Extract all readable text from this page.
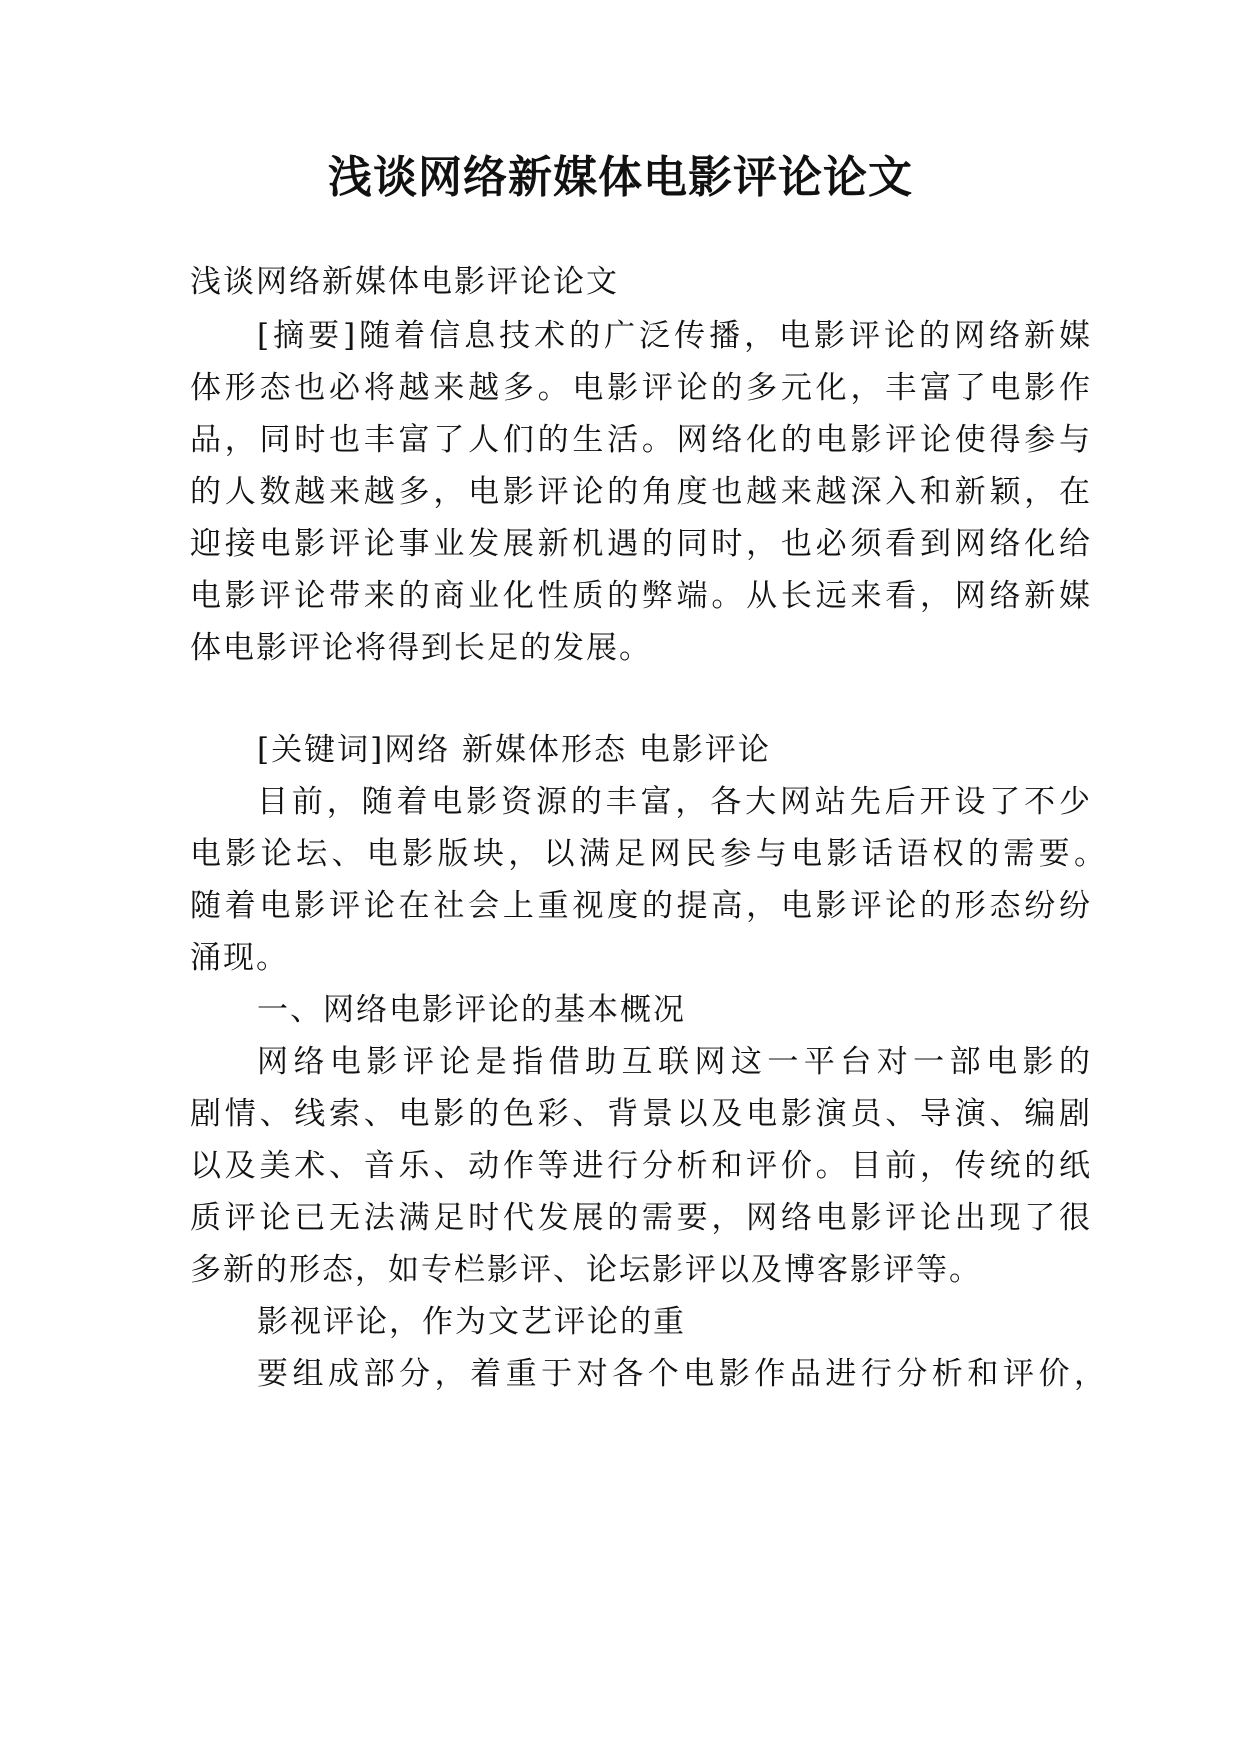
浅谈网络新媒体电影评论论文
浅谈网络新媒体电影评论论文
[摘要]随着信息技术的广泛传播，电影评论的网络新媒
体形态也必将越来越多。电影评论的多元化，丰富了电影作
品，同时也丰富了人们的生活。网络化的电影评论使得参与
的人数越来越多，电影评论的角度也越来越深入和新颖，在
迎接电影评论事业发展新机遇的同时，也必须看到网络化给
电影评论带来的商业化性质的弊端。从长远来看，网络新媒
体电影评论将得到长足的发展。
[关键词]网络 新媒体形态 电影评论
目前，随着电影资源的丰富，各大网站先后开设了不少
电影论坛、电影版块，以满足网民参与电影话语权的需要。
随着电影评论在社会上重视度的提高，电影评论的形态纷纷
涌现。
一、网络电影评论的基本概况
网络电影评论是指借助互联网这一平台对一部电影的
剧情、线索、电影的色彩、背景以及电影演员、导演、编剧
以及美术、音乐、动作等进行分析和评价。目前，传统的纸
质评论已无法满足时代发展的需要，网络电影评论出现了很
多新的形态，如专栏影评、论坛影评以及博客影评等。
影视评论，作为文艺评论的重
要组成部分，着重于对各个电影作品进行分析和评价，
